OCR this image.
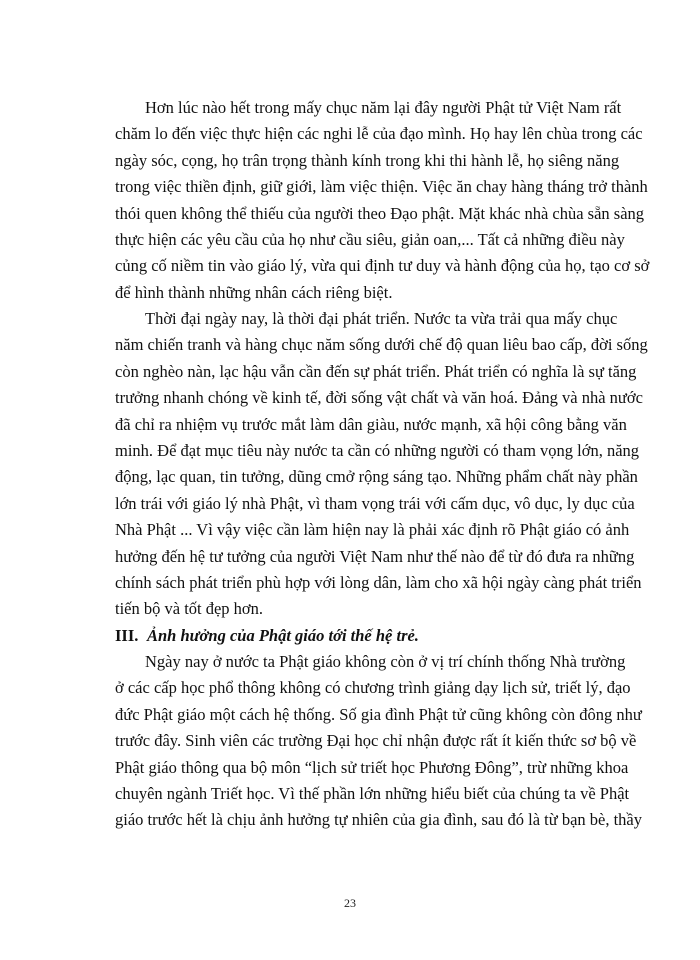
Hơn lúc nào hết trong mấy chục năm lại đây người Phật tử Việt Nam rất
chăm lo đến việc thực hiện các nghi lễ của đạo mình. Họ hay lên chùa trong các
ngày sóc, cọng, họ trân trọng thành kính trong khi thi hành lễ, họ siêng năng
trong việc thiền định, giữ giới, làm việc thiện. Việc ăn chay hàng tháng trở thành
thói quen không thể thiếu của người theo Đạo phật. Mặt khác nhà chùa sẵn sàng
thực hiện các yêu cầu của họ như cầu siêu, giản oan,... Tất cả những điều này
củng cố niềm tin vào giáo lý, vừa qui định tư duy và hành động của họ, tạo cơ sở
để hình thành những nhân cách riêng biệt.
Thời đại ngày nay, là thời đại phát triển. Nước ta vừa trải qua mấy chục
năm chiến tranh và hàng chục năm sống dưới chế độ quan liêu bao cấp, đời sống
còn nghèo nàn, lạc hậu vẫn cần đến sự phát triển. Phát triển có nghĩa là sự tăng
trưởng nhanh chóng về kinh tế, đời sống vật chất và văn hoá. Đảng và nhà nước
đã chỉ ra nhiệm vụ trước mắt làm dân giàu, nước mạnh, xã hội công bằng văn
minh. Để đạt mục tiêu này nước ta cần có những người có tham vọng lớn, năng
động, lạc quan, tin tưởng, dũng cmở rộng sáng tạo. Những phẩm chất này phần
lớn trái với giáo lý nhà Phật, vì tham vọng trái với cấm dục, vô dục, ly dục của
Nhà Phật ... Vì vậy việc cần làm hiện nay là phải xác định rõ Phật giáo có ảnh
hưởng đến hệ tư tưởng của người Việt Nam như thế nào để từ đó đưa ra những
chính sách phát triển phù hợp với lòng dân, làm cho xã hội ngày càng phát triển
tiến bộ và tốt đẹp hơn.
III. Ảnh hưởng của Phật giáo tới thế hệ trẻ.
Ngày nay ở nước ta Phật giáo không còn ở vị trí chính thống Nhà trường
ở các cấp học phổ thông không có chương trình giảng dạy lịch sử, triết lý, đạo
đức Phật giáo một cách hệ thống. Số gia đình Phật tử cũng không còn đông như
trước đây. Sinh viên các trường Đại học chỉ nhận được rất ít kiến thức sơ bộ về
Phật giáo thông qua bộ môn “lịch sử triết học Phương Đông”, trừ những khoa
chuyên ngành Triết học. Vì thế phần lớn những hiểu biết của chúng ta về Phật
giáo trước hết là chịu ảnh hưởng tự nhiên của gia đình, sau đó là từ bạn bè, thầy
23
